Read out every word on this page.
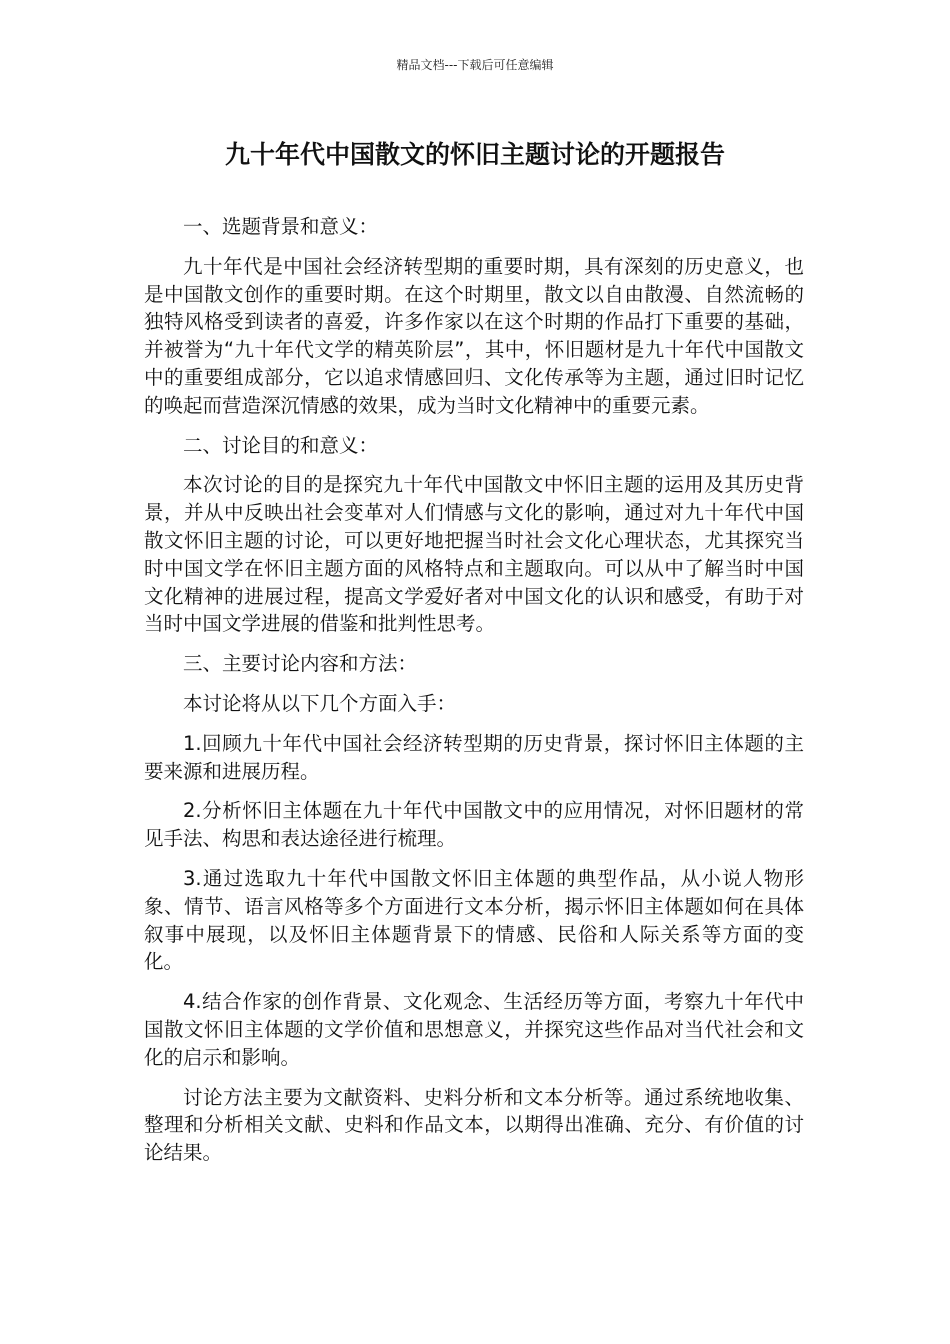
精品文档---下载后可任意编辑
九十年代中国散文的怀旧主题讨论的开题报告

一、选题背景和意义：

九十年代是中国社会经济转型期的重要时期，具有深刻的历史意义，也是中国散文创作的重要时期。在这个时期里，散文以自由散漫、自然流畅的独特风格受到读者的喜爱，许多作家以在这个时期的作品打下重要的基础，并被誉为“九十年代文学的精英阶层”，其中，怀旧题材是九十年代中国散文中的重要组成部分，它以追求情感回归、文化传承等为主题，通过旧时记忆的唤起而营造深沉情感的效果，成为当时文化精神中的重要元素。

二、讨论目的和意义：

本次讨论的目的是探究九十年代中国散文中怀旧主题的运用及其历史背景，并从中反映出社会变革对人们情感与文化的影响，通过对九十年代中国散文怀旧主题的讨论，可以更好地把握当时社会文化心理状态，尤其探究当时中国文学在怀旧主题方面的风格特点和主题取向。可以从中了解当时中国文化精神的进展过程，提高文学爱好者对中国文化的认识和感受，有助于对当时中国文学进展的借鉴和批判性思考。

三、主要讨论内容和方法：

本讨论将从以下几个方面入手：

1.回顾九十年代中国社会经济转型期的历史背景，探讨怀旧主体题的主要来源和进展历程。

2.分析怀旧主体题在九十年代中国散文中的应用情况，对怀旧题材的常见手法、构思和表达途径进行梳理。

3.通过选取九十年代中国散文怀旧主体题的典型作品，从小说人物形象、情节、语言风格等多个方面进行文本分析，揭示怀旧主体题如何在具体叙事中展现，以及怀旧主体题背景下的情感、民俗和人际关系等方面的变化。

4.结合作家的创作背景、文化观念、生活经历等方面，考察九十年代中国散文怀旧主体题的文学价值和思想意义，并探究这些作品对当代社会和文化的启示和影响。

讨论方法主要为文献资料、史料分析和文本分析等。通过系统地收集、整理和分析相关文献、史料和作品文本，以期得出准确、充分、有价值的讨论结果。
